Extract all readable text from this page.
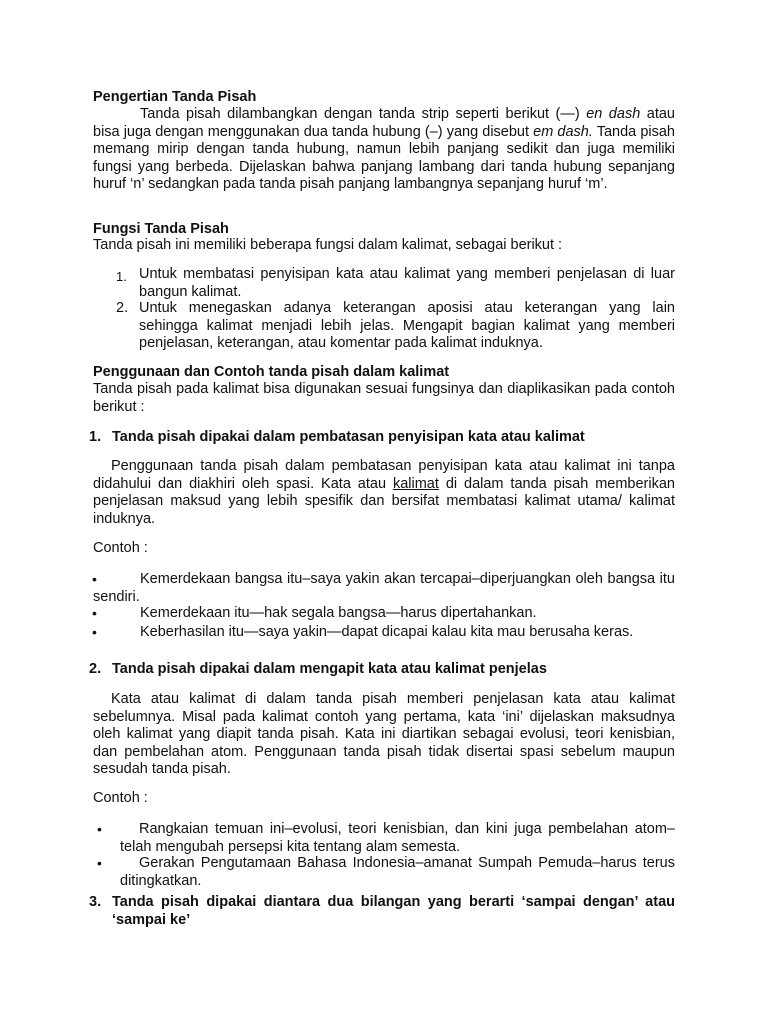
Pengertian Tanda Pisah
Tanda pisah dilambangkan dengan tanda strip seperti berikut (—) en dash atau bisa juga dengan menggunakan dua tanda hubung (–) yang disebut em dash. Tanda pisah memang mirip dengan tanda hubung, namun lebih panjang sedikit dan juga memiliki fungsi yang berbeda. Dijelaskan bahwa panjang lambang dari tanda hubung sepanjang huruf ‘n’ sedangkan pada tanda pisah panjang lambangnya sepanjang huruf ‘m’.
Fungsi Tanda Pisah
Tanda pisah ini memiliki beberapa fungsi dalam kalimat, sebagai berikut :
1. Untuk membatasi penyisipan kata atau kalimat yang memberi penjelasan di luar bangun kalimat.
2. Untuk menegaskan adanya keterangan aposisi atau keterangan yang lain sehingga kalimat menjadi lebih jelas. Mengapit bagian kalimat yang memberi penjelasan, keterangan, atau komentar pada kalimat induknya.
Penggunaan dan Contoh tanda pisah dalam kalimat
Tanda pisah pada kalimat bisa digunakan sesuai fungsinya dan diaplikasikan pada contoh berikut :
1. Tanda pisah dipakai dalam pembatasan penyisipan kata atau kalimat
Penggunaan tanda pisah dalam pembatasan penyisipan kata atau kalimat ini tanpa didahului dan diakhiri oleh spasi. Kata atau kalimat di dalam tanda pisah memberikan penjelasan maksud yang lebih spesifik dan bersifat membatasi kalimat utama/ kalimat induknya.
Contoh :
•	Kemerdekaan bangsa itu–saya yakin akan tercapai–diperjuangkan oleh bangsa itu sendiri.
•	Kemerdekaan itu—hak segala bangsa—harus dipertahankan.
•	Keberhasilan itu—saya yakin—dapat dicapai kalau kita mau berusaha keras.
2. Tanda pisah dipakai dalam mengapit kata atau kalimat penjelas
Kata atau kalimat di dalam tanda pisah memberi penjelasan kata atau kalimat sebelumnya. Misal pada kalimat contoh yang pertama, kata ‘ini’ dijelaskan maksudnya oleh kalimat yang diapit tanda pisah. Kata ini diartikan sebagai evolusi, teori kenisbian, dan pembelahan atom. Penggunaan tanda pisah tidak disertai spasi sebelum maupun sesudah tanda pisah.
Contoh :
•	Rangkaian temuan ini–evolusi, teori kenisbian, dan kini juga pembelahan atom–telah mengubah persepsi kita tentang alam semesta.
•	Gerakan Pengutamaan Bahasa Indonesia–amanat Sumpah Pemuda–harus terus ditingkatkan.
3. Tanda pisah dipakai diantara dua bilangan yang berarti ‘sampai dengan’ atau ‘sampai ke’
